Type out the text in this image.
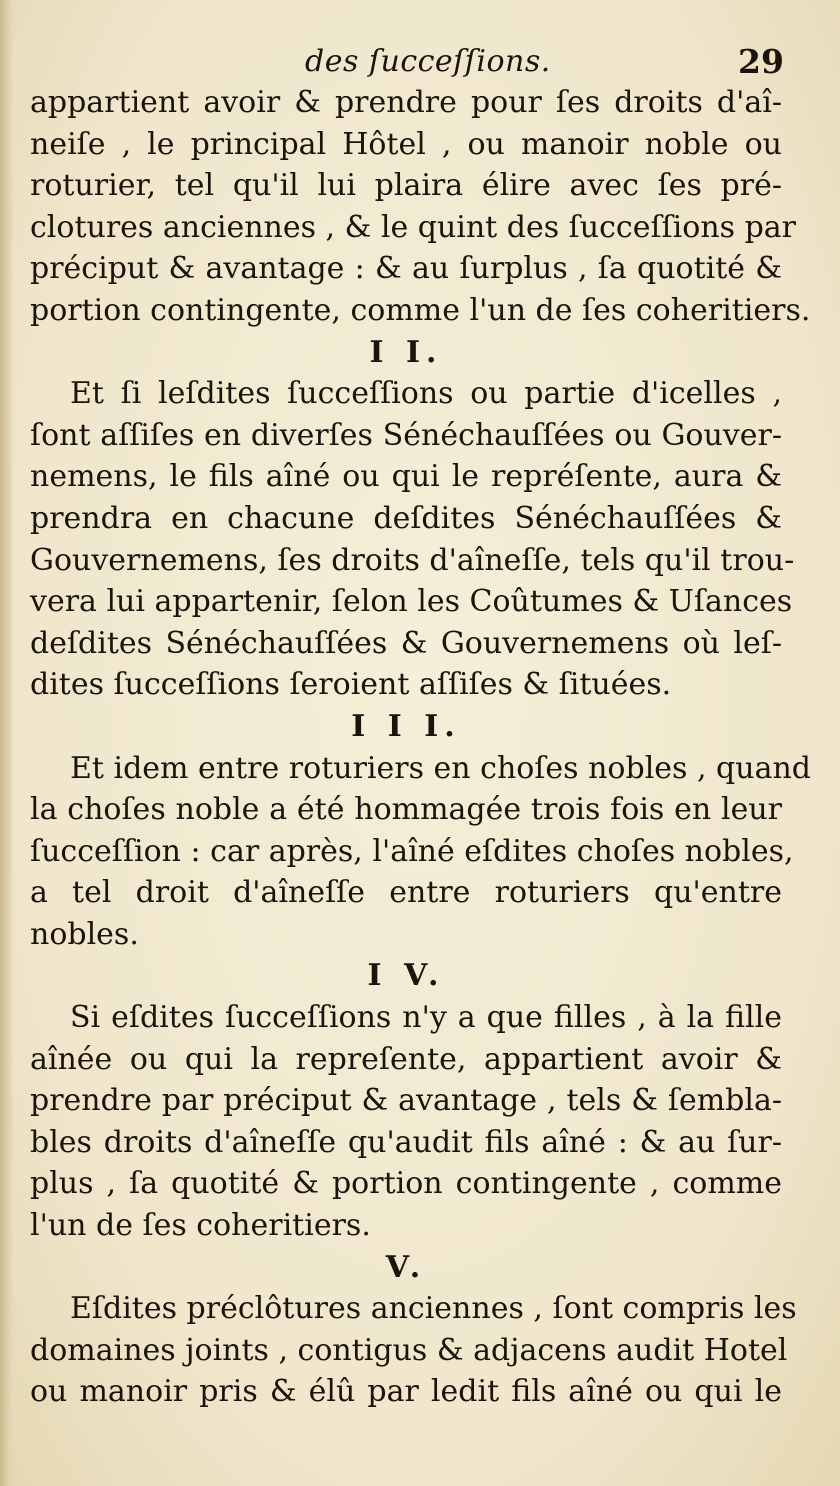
des ſucceſſions.	29
appartient avoir & prendre pour ſes droits d'aî-
neiſe , le principal Hôtel , ou manoir noble ou
roturier, tel qu'il lui plaira élire avec ſes pré-
clotures anciennes , & le quint des ſucceſſions par
préciput & avantage : & au ſurplus , ſa quotité &
portion contingente, comme l'un de ſes coheritiers.
I I.
Et ſi leſdites ſucceſſions ou partie d'icelles ,
ſont aſſiſes en diverſes Sénéchauſſées ou Gouver-
nemens, le fils aîné ou qui le repréſente, aura &
prendra en chacune deſdites Sénéchauſſées &
Gouvernemens, ſes droits d'aîneſſe, tels qu'il trou-
vera lui appartenir, ſelon les Coûtumes & Uſances
deſdites Sénéchauſſées & Gouvernemens où leſ-
dites ſucceſſions ſeroient aſſiſes & ſituées.
I I I.
Et idem entre roturiers en choſes nobles , quand
la choſes noble a été hommagée trois fois en leur
ſucceſſion : car après, l'aîné eſdites choſes nobles,
a tel droit d'aîneſſe entre roturiers qu'entre
nobles.
I V.
Si eſdites ſucceſſions n'y a que filles , à la fille
aînée ou qui la repreſente, appartient avoir &
prendre par préciput & avantage , tels & ſembla-
bles droits d'aîneſſe qu'audit fils aîné : & au ſur-
plus , ſa quotité & portion contingente , comme
l'un de ſes coheritiers.
V.
Eſdites préclôtures anciennes , ſont compris les
domaines joints , contigus & adjacens audit Hotel
ou manoir pris & élû par ledit fils aîné ou qui le
